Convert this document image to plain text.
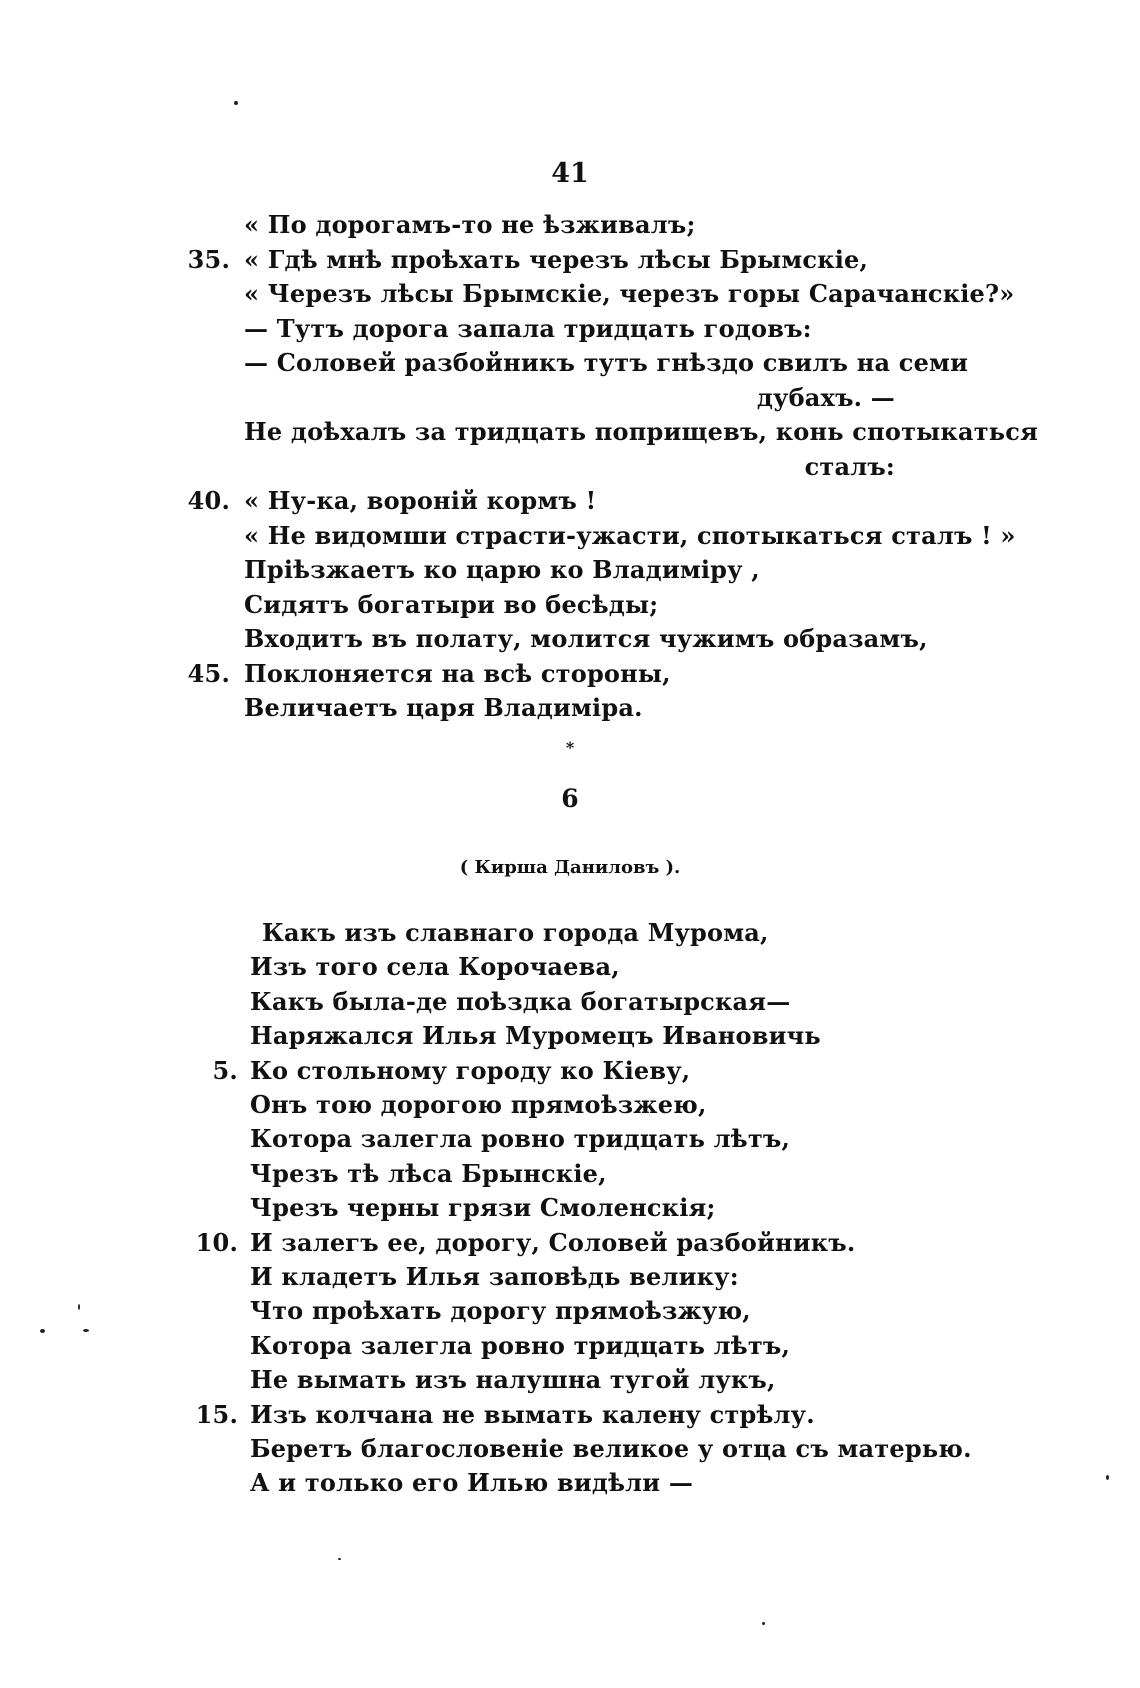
41
« По дорогамъ-то не ѣзживалъ;
35. « Гдѣ мнѣ проѣхать черезъ лѣсы Брымскіе,
« Черезъ лѣсы Брымскіе, черезъ горы Сарачанскіе?»
— Тутъ дорога запала тридцать годовъ:
— Соловей разбойникъ тутъ гнѣздо свилъ на семи
дубахъ. —
Не доѣхалъ за тридцать поприщевъ, конь спотыкаться
сталъ:
40. « Ну-ка, вороній кормъ !
« Не видомши страсти-ужасти, спотыкаться сталъ ! »
Пріѣзжаетъ ко царю ко Владиміру ,
Сидятъ богатыри во бесѣды;
Входитъ въ полату, молится чужимъ образамъ,
45. Поклоняется на всѣ стороны,
Величаетъ царя Владиміра.
*
6
( Кирша Даниловъ ).
Какъ изъ славнаго города Мурома,
Изъ того села Корочаева,
Какъ была-де поѣздка богатырская—
Наряжался Илья Муромецъ Ивановичь
5. Ко стольному городу ко Кіеву,
Онъ тою дорогою прямоѣзжею,
Котора залегла ровно тридцать лѣтъ,
Чрезъ тѣ лѣса Брынскіе,
Чрезъ черны грязи Смоленскія;
10. И залегъ ее, дорогу, Соловей разбойникъ.
И кладетъ Илья заповѣдь велику:
Что проѣхать дорогу прямоѣзжую,
Котора залегла ровно тридцать лѣтъ,
Не вымать изъ налушна тугой лукъ,
15. Изъ колчана не вымать калену стрѣлу.
Беретъ благословеніе великое у отца съ матерью.
А и только его Илью видѣли —
